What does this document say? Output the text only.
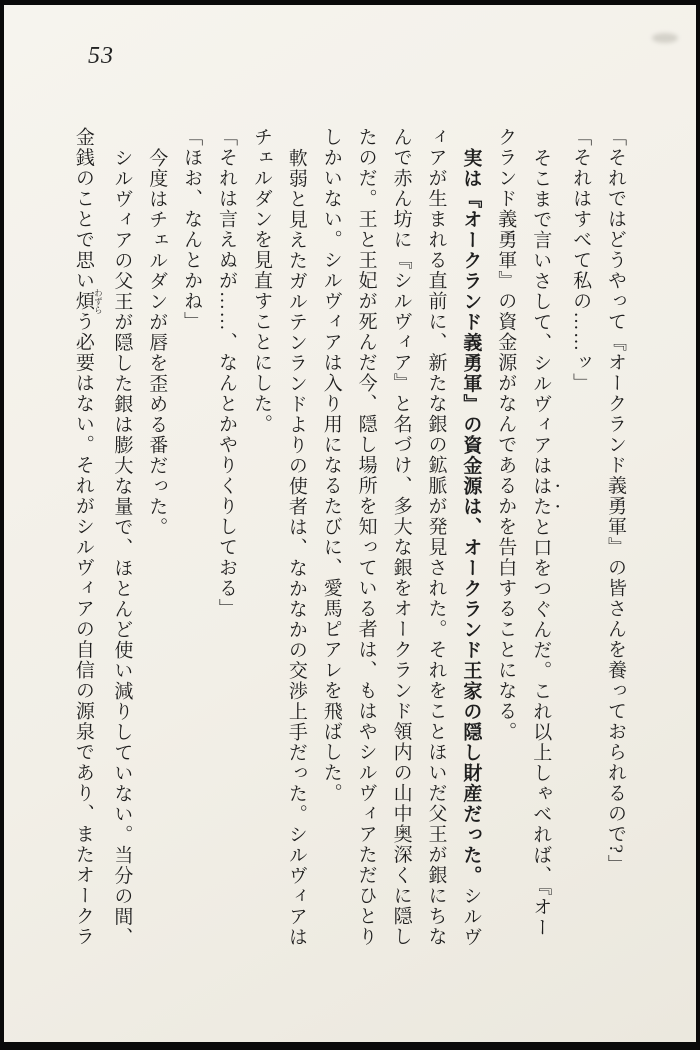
53
「それではどうやって『オークランド義勇軍』の皆さんを養っておられるので?」
「それはすべて私の……ッ」
そこまで言いさして、シルヴィアははたと口をつぐんだ。これ以上しゃべれば、『オー
クランド義勇軍』の資金源がなんであるかを告白することになる。
実は『オークランド義勇軍』の資金源は、オークランド王家の隠し財産だった。シルヴ
ィアが生まれる直前に、新たな銀の鉱脈が発見された。それをことほいだ父王が銀にちな
んで赤ん坊に『シルヴィア』と名づけ、多大な銀をオークランド領内の山中奥深くに隠し
たのだ。王と王妃が死んだ今、隠し場所を知っている者は、もはやシルヴィアただひとり
しかいない。シルヴィアは入り用になるたびに、愛馬ピアレを飛ばした。
軟弱と見えたガルテンランドよりの使者は、なかなかの交渉上手だった。シルヴィアは
チェルダンを見直すことにした。
「それは言えぬが……、なんとかやりくりしておる」
「ほお、なんとかね」
今度はチェルダンが唇を歪める番だった。
シルヴィアの父王が隠した銀は膨大な量で、ほとんど使い減りしていない。当分の間、
金銭のことで思い煩 わずらう必要はない。それがシルヴィアの自信の源泉であり、またオークラ
